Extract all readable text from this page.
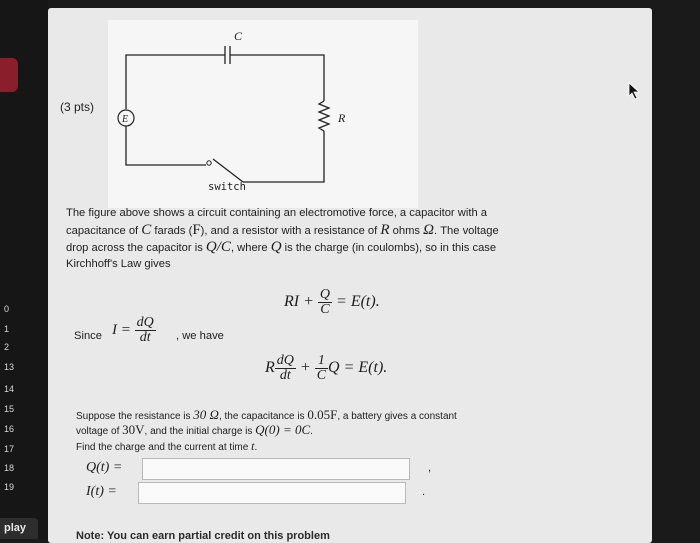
0
1
2
13
14
15
16
17
18
19
play
(3 pts)
C
E	R
switch
The figure above shows a circuit containing an electromotive force, a capacitor with a
capacitance of C farads (F), and a resistor with a resistance of R ohms Ω. The voltage
drop across the capacitor is Q/C, where Q is the charge (in coulombs), so in this case
Kirchhoff's Law gives
RI + $\frac{Q}{C} = E(t)$.
Since $I = \frac{dQ}{dt}$ , we have
R $\frac{dQ}{dt} + \frac{1}{C}$ Q = E(t).
Suppose the resistance is 30 Ω, the capacitance is 0.05F, a battery gives a constant
voltage of 30V, and the initial charge is Q(0) = 0C.
Find the charge and the current at time t.
Q(t) =	,
I(t) =	.
Note: You can earn partial credit on this problem
